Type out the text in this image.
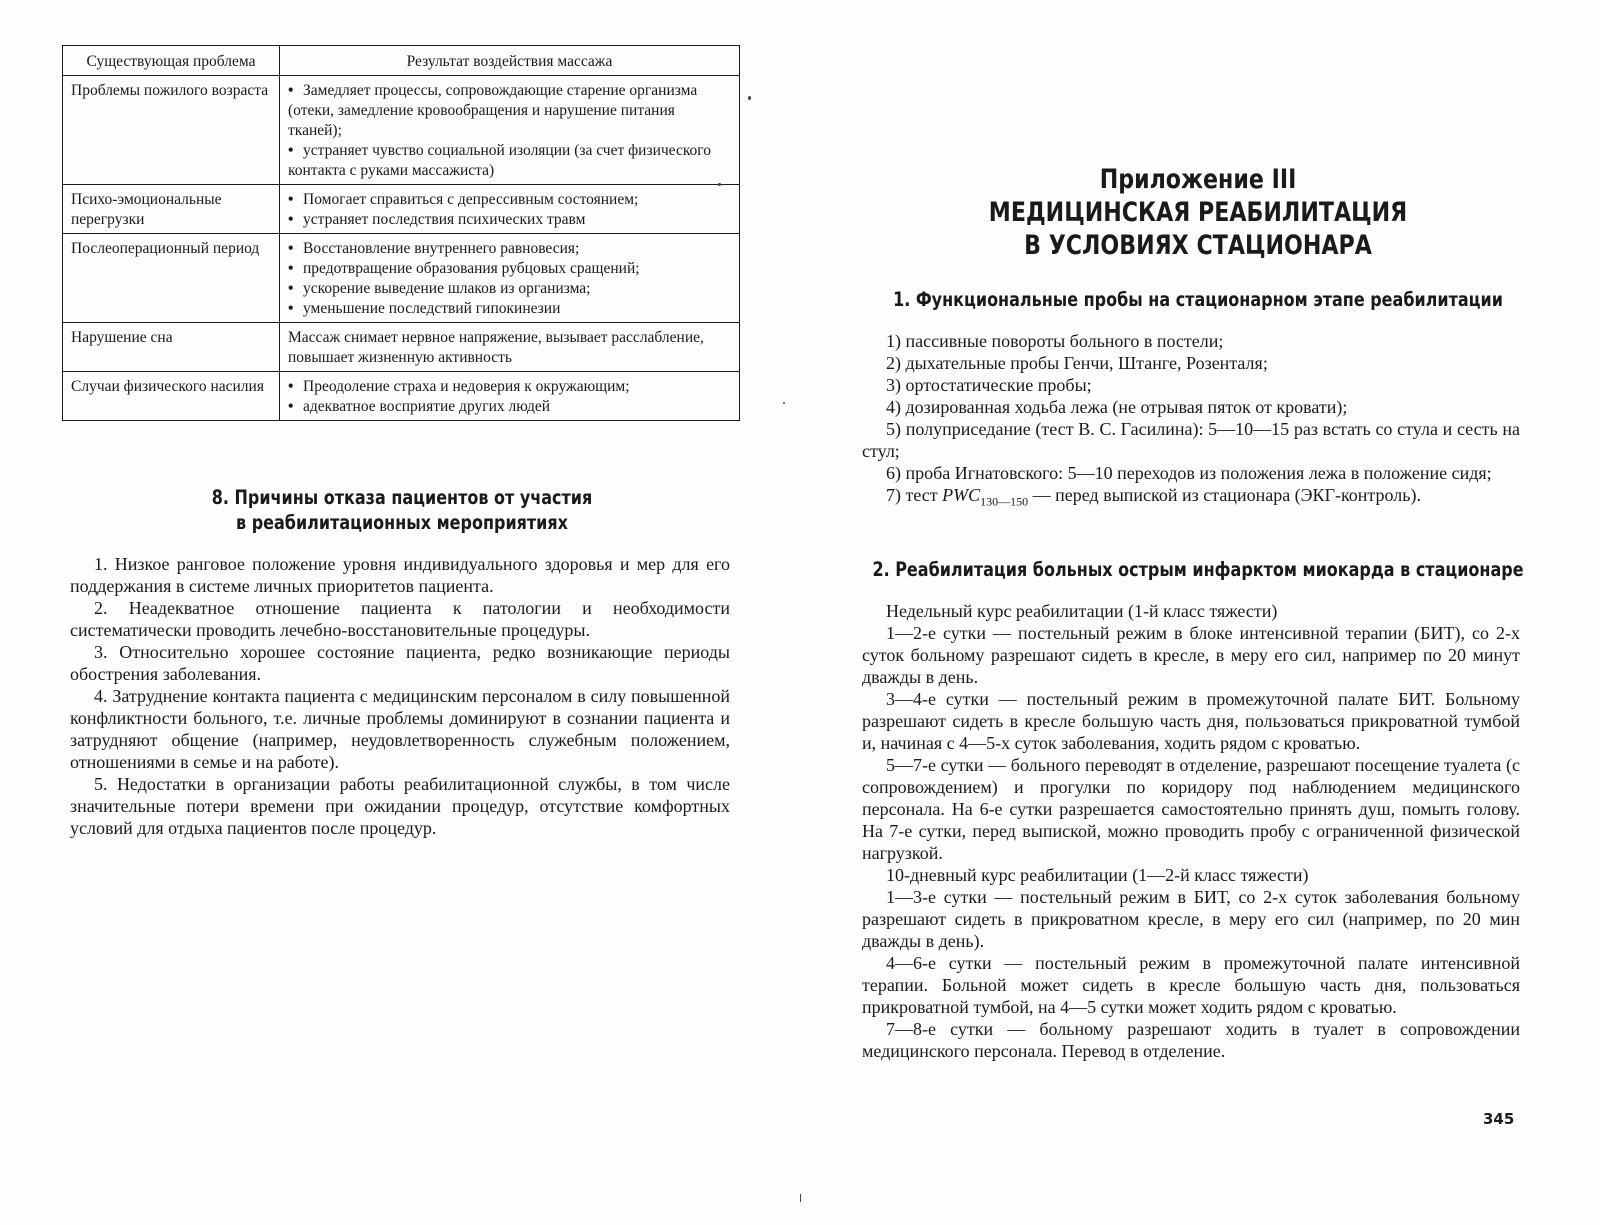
Существующая проблема	Результат воздействия массажа
Проблемы пожилого возраста	• Замедляет процессы, сопровождающие старение организма (отеки, замедление кровообращения и нарушение питания тканей);
• устраняет чувство социальной изоляции (за счет физического контакта с руками массажиста)

Психо-эмоциональные перегрузки	• Помогает справиться с депрессивным состоянием;
• устраняет последствия психических травм

Послеоперационный период	• Восстановление внутреннего равновесия;
• предотвращение образования рубцовых сращений;
• ускорение выведение шлаков из организма;
• уменьшение последствий гипокинезии

Нарушение сна	Массаж снимает нервное напряжение, вызывает расслабление, повышает жизненную активность
Случаи физического насилия	• Преодоление страха и недоверия к окружающим;
• адекватное восприятие других людей
8. Причины отказа пациентов от участия
в реабилитационных мероприятиях

1. Низкое ранговое положение уровня индивидуального здоровья и мер для его поддержания в системе личных приоритетов пациента.

2. Неадекватное отношение пациента к патологии и необходимости систематически проводить лечебно-восстановительные процедуры.

3. Относительно хорошее состояние пациента, редко возникающие периоды обострения заболевания.

4. Затруднение контакта пациента с медицинским персоналом в силу повышенной конфликтности больного, т.е. личные проблемы доминируют в сознании пациента и затрудняют общение (например, неудовлетворенность служебным положением, отношениями в семье и на работе).

5. Недостатки в организации работы реабилитационной службы, в том числе значительные потери времени при ожидании процедур, отсутствие комфортных условий для отдыха пациентов после процедур.

Приложение III
МЕДИЦИНСКАЯ РЕАБИЛИТАЦИЯ
В УСЛОВИЯХ СТАЦИОНАРА
1. Функциональные пробы на стационарном этапе реабилитации

1) пассивные повороты больного в постели;

2) дыхательные пробы Генчи, Штанге, Розенталя;

3) ортостатические пробы;

4) дозированная ходьба лежа (не отрывая пяток от кровати);

5) полуприседание (тест В. С. Гасилина): 5—10—15 раз встать со стула и сесть на стул;

6) проба Игнатовского: 5—10 переходов из положения лежа в положение сидя;

7) тест $PWC_{130—150}$ — перед выпиской из стационара (ЭКГ-контроль).

2. Реабилитация больных острым инфарктом миокарда в стационаре

Недельный курс реабилитации (1-й класс тяжести)

1—2-е сутки — постельный режим в блоке интенсивной терапии (БИТ), со 2-х суток больному разрешают сидеть в кресле, в меру его сил, например по 20 минут дважды в день.

3—4-е сутки — постельный режим в промежуточной палате БИТ. Больному разрешают сидеть в кресле большую часть дня, пользоваться прикроватной тумбой и, начиная с 4—5-х суток заболевания, ходить рядом с кроватью.

5—7-е сутки — больного переводят в отделение, разрешают посещение туалета (с сопровождением) и прогулки по коридору под наблюдением медицинского персонала. На 6-е сутки разрешается самостоятельно принять душ, помыть голову. На 7-е сутки, перед выпиской, можно проводить пробу с ограниченной физической нагрузкой.

10-дневный курс реабилитации (1—2-й класс тяжести)

1—3-е сутки — постельный режим в БИТ, со 2-х суток заболевания больному разрешают сидеть в прикроватном кресле, в меру его сил (например, по 20 мин дважды в день).

4—6-е сутки — постельный режим в промежуточной палате интенсивной терапии. Больной может сидеть в кресле большую часть дня, пользоваться прикроватной тумбой, на 4—5 сутки может ходить рядом с кроватью.

7—8-е сутки — больному разрешают ходить в туалет в сопровождении медицинского персонала. Перевод в отделение.

345
